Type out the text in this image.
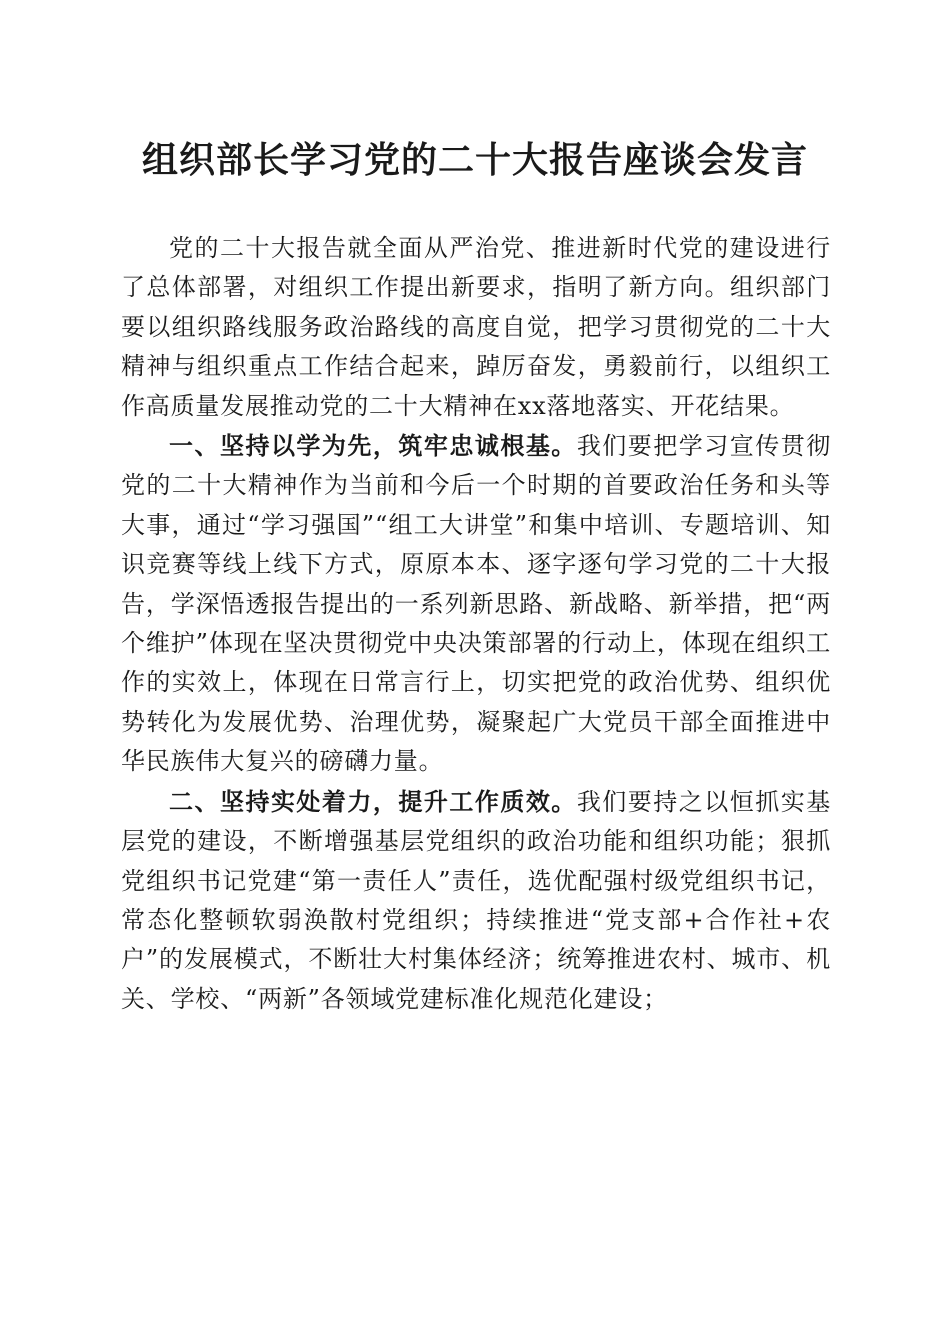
组织部长学习党的二十大报告座谈会发言

党的二十大报告就全面从严治党、推进新时代党的建设进行了总体部署，对组织工作提出新要求，指明了新方向。组织部门要以组织路线服务政治路线的高度自觉，把学习贯彻党的二十大精神与组织重点工作结合起来，踔厉奋发，勇毅前行，以组织工作高质量发展推动党的二十大精神在xx落地落实、开花结果。

一、坚持以学为先，筑牢忠诚根基。我们要把学习宣传贯彻党的二十大精神作为当前和今后一个时期的首要政治任务和头等大事，通过“学习强国”“组工大讲堂”和集中培训、专题培训、知识竞赛等线上线下方式，原原本本、逐字逐句学习党的二十大报告，学深悟透报告提出的一系列新思路、新战略、新举措，把“两个维护”体现在坚决贯彻党中央决策部署的行动上，体现在组织工作的实效上，体现在日常言行上，切实把党的政治优势、组织优势转化为发展优势、治理优势，凝聚起广大党员干部全面推进中华民族伟大复兴的磅礴力量。

二、坚持实处着力，提升工作质效。我们要持之以恒抓实基层党的建设，不断增强基层党组织的政治功能和组织功能；狠抓党组织书记党建“第一责任人”责任，选优配强村级党组织书记，常态化整顿软弱涣散村党组织；持续推进“党支部+合作社+农户”的发展模式，不断壮大村集体经济；统筹推进农村、城市、机关、学校、“两新”各领域党建标准化规范化建设；
